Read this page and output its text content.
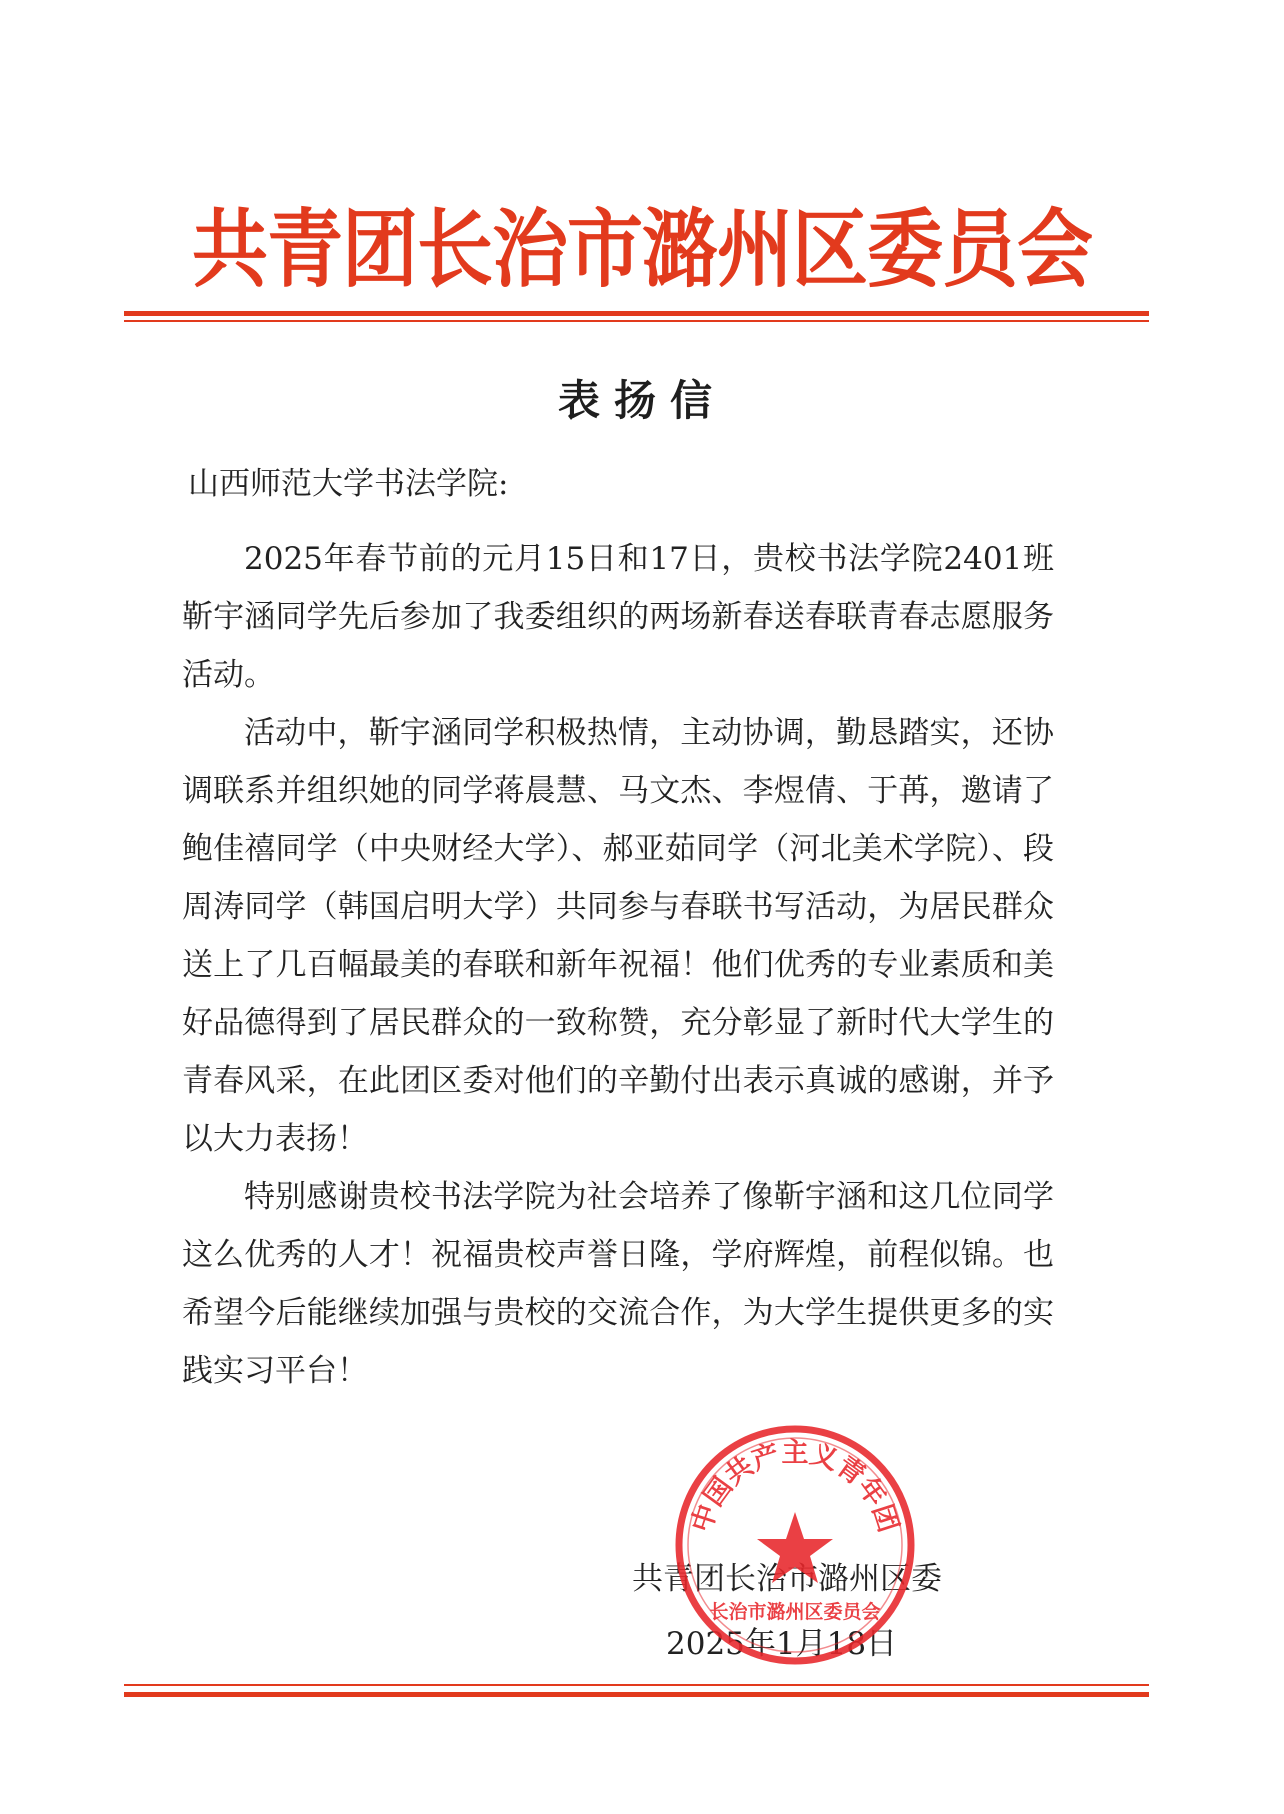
共青团长治市潞州区委员会
表扬信
山西师范大学书法学院:

2025年春节前的元月15日和17日，贵校书法学院2401班靳宇涵同学先后参加了我委组织的两场新春送春联青春志愿服务活动。

活动中，靳宇涵同学积极热情，主动协调，勤恳踏实，还协调联系并组织她的同学蒋晨慧、马文杰、李煜倩、于苒，邀请了鲍佳禧同学（中央财经大学）、郝亚茹同学（河北美术学院）、段周涛同学（韩国启明大学）共同参与春联书写活动，为居民群众送上了几百幅最美的春联和新年祝福！他们优秀的专业素质和美好品德得到了居民群众的一致称赞，充分彰显了新时代大学生的青春风采，在此团区委对他们的辛勤付出表示真诚的感谢，并予以大力表扬！

特别感谢贵校书法学院为社会培养了像靳宇涵和这几位同学这么优秀的人才！祝福贵校声誉日隆，学府辉煌，前程似锦。也希望今后能继续加强与贵校的交流合作，为大学生提供更多的实践实习平台！

中国共产主义青年团
长治市潞州区委员会
共青团长治市潞州区委
2025年1月18日
